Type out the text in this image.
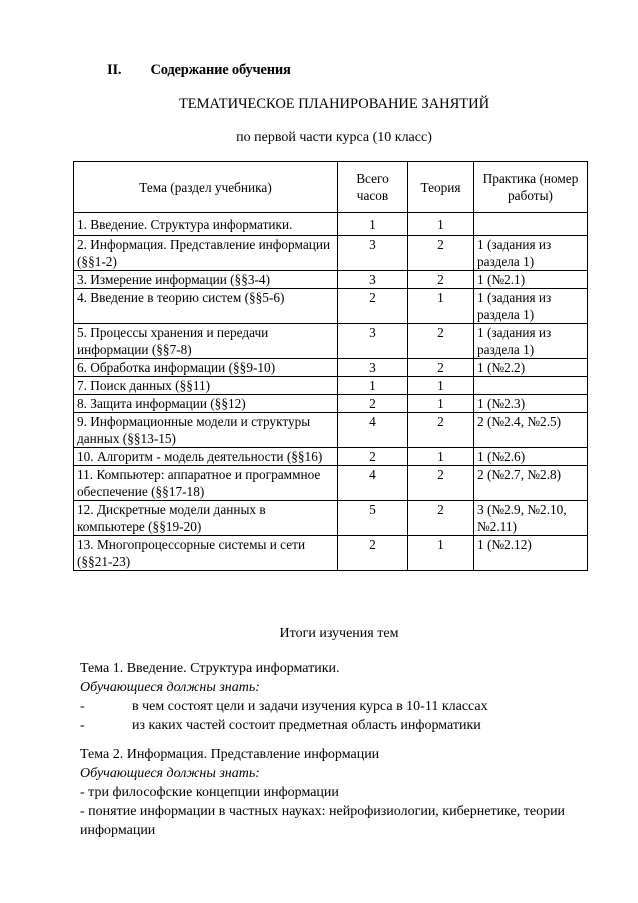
II. Содержание обучения
ТЕМАТИЧЕСКОЕ ПЛАНИРОВАНИЕ ЗАНЯТИЙ
по первой части курса (10 класс)
Тема (раздел учебника)	Всего часов	Теория	Практика (номер работы)
1. Введение. Структура информатики.	1	1	
2. Информация. Представление информации (§§1-2)	3	2	1 (задания из раздела 1)
3. Измерение информации (§§3-4)	3	2	1 (№2.1)
4. Введение в теорию систем (§§5-6)	2	1	1 (задания из раздела 1)
5. Процессы хранения и передачи информации (§§7-8)	3	2	1 (задания из раздела 1)
6. Обработка информации (§§9-10)	3	2	1 (№2.2)
7. Поиск данных (§§11)	1	1	
8. Защита информации (§§12)	2	1	1 (№2.3)
9. Информационные модели и структуры данных (§§13-15)	4	2	2 (№2.4, №2.5)
10. Алгоритм - модель деятельности (§§16)	2	1	1 (№2.6)
11. Компьютер: аппаратное и программное обеспечение (§§17-18)	4	2	2 (№2.7, №2.8)
12. Дискретные модели данных в компьютере (§§19-20)	5	2	3 (№2.9, №2.10, №2.11)
13. Многопроцессорные системы и сети (§§21-23)	2	1	1 (№2.12)
Итоги изучения тем
Тема 1. Введение. Структура информатики.
Обучающиеся должны знать:
-	в чем состоят цели и задачи изучения курса в 10-11 классах
-	из каких частей состоит предметная область информатики
Тема 2. Информация. Представление информации
Обучающиеся должны знать:
- три философские концепции информации
- понятие информации в частных науках: нейрофизиологии, кибернетике, теории информации
